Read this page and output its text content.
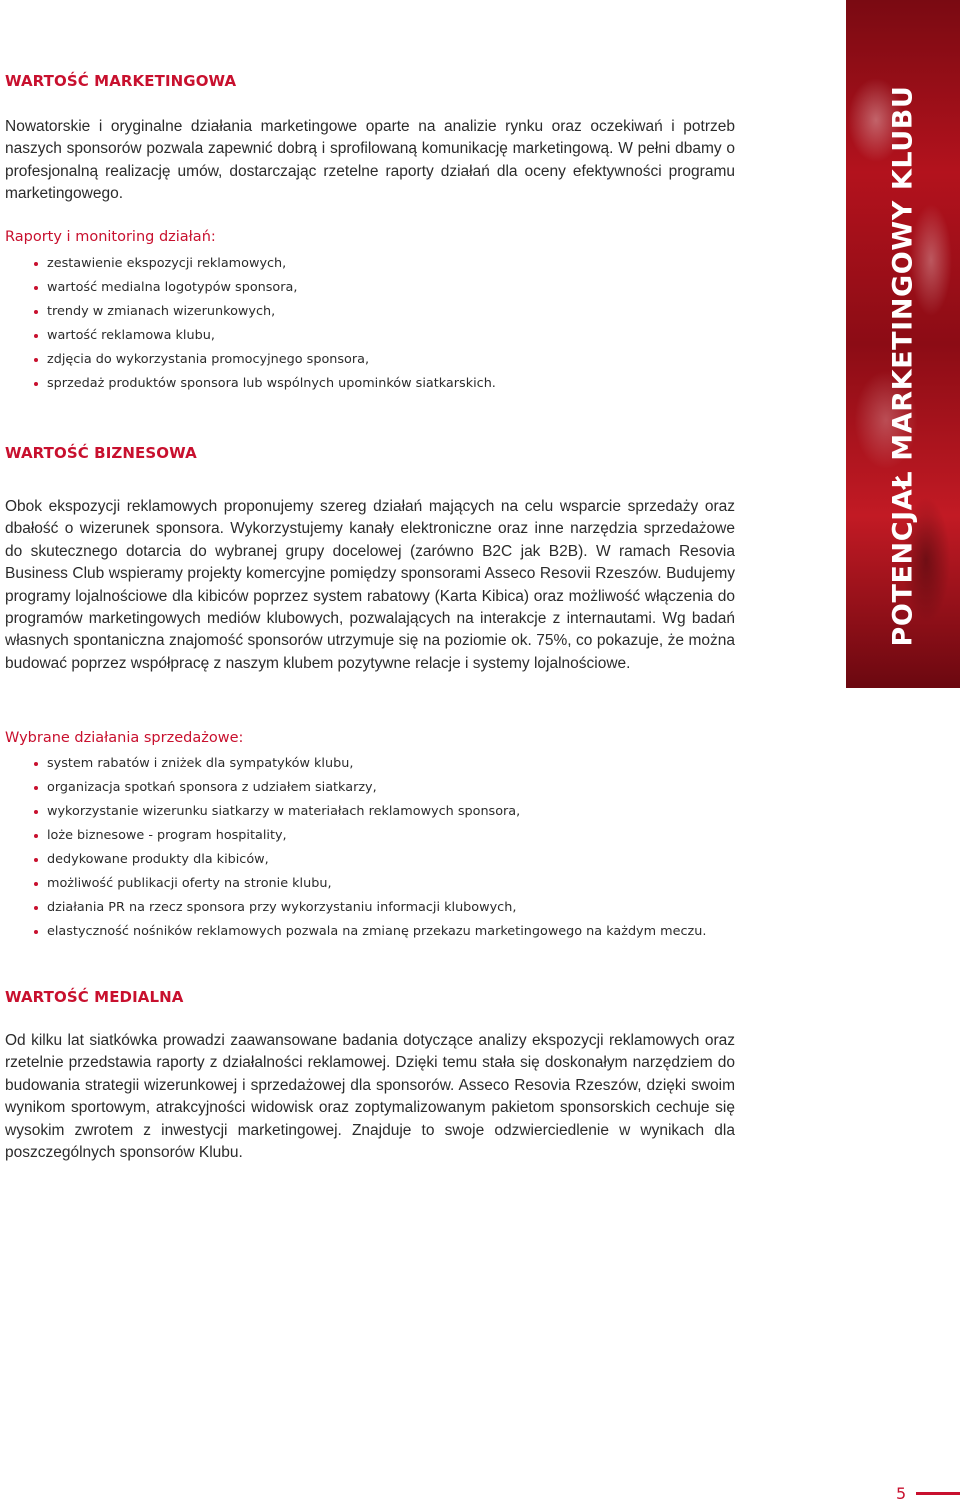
WARTOŚĆ MARKETINGOWA

Nowatorskie i oryginalne działania marketingowe oparte na analizie rynku oraz oczekiwań i potrzeb naszych sponsorów pozwala zapewnić dobrą i sprofilowaną komunikację marketingową. W pełni dbamy o profesjonalną realizację umów, dostarczając rzetelne raporty działań dla oceny efektywności programu marketingowego.

Raporty i monitoring działań:
zestawienie ekspozycji reklamowych,
wartość medialna logotypów sponsora,
trendy w zmianach wizerunkowych,
wartość reklamowa klubu,
zdjęcia do wykorzystania promocyjnego sponsora,
sprzedaż produktów sponsora lub wspólnych upominków siatkarskich.
WARTOŚĆ BIZNESOWA

Obok ekspozycji reklamowych proponujemy szereg działań mających na celu wsparcie sprzedaży oraz dbałość o wizerunek sponsora. Wykorzystujemy kanały elektroniczne oraz inne narzędzia sprzedażowe do skutecznego dotarcia do wybranej grupy docelowej (zarówno B2C jak B2B). W ramach Resovia Business Club wspieramy projekty komercyjne pomiędzy sponsorami Asseco Resovii Rzeszów. Budujemy programy lojalnościowe dla kibiców poprzez system rabatowy (Karta Kibica) oraz możliwość włączenia do programów marketingowych mediów klubowych, pozwalających na interakcje z internautami. Wg badań własnych spontaniczna znajomość sponsorów utrzymuje się na poziomie ok. 75%, co pokazuje, że można budować poprzez współpracę z naszym klubem pozytywne relacje i systemy lojalnościowe.

Wybrane działania sprzedażowe:
system rabatów i zniżek dla sympatyków klubu,
organizacja spotkań sponsora z udziałem siatkarzy,
wykorzystanie wizerunku siatkarzy w materiałach reklamowych sponsora,
loże biznesowe - program hospitality,
dedykowane produkty dla kibiców,
możliwość publikacji oferty na stronie klubu,
działania PR na rzecz sponsora przy wykorzystaniu informacji klubowych,
elastyczność nośników reklamowych pozwala na zmianę przekazu marketingowego na każdym meczu.
WARTOŚĆ MEDIALNA

Od kilku lat siatkówka prowadzi zaawansowane badania dotyczące analizy ekspozycji reklamowych oraz rzetelnie przedstawia raporty z działalności reklamowej. Dzięki temu stała się doskonałym narzędziem do budowania strategii wizerunkowej i sprzedażowej dla sponsorów. Asseco Resovia Rzeszów, dzięki swoim wynikom sportowym, atrakcyjności widowisk oraz zoptymalizowanym pakietom sponsorskich cechuje się wysokim zwrotem z inwestycji marketingowej. Znajduje to swoje odzwierciedlenie w wynikach dla poszczególnych sponsorów Klubu.

POTENCJAŁ MARKETINGOWY KLUBU
5
